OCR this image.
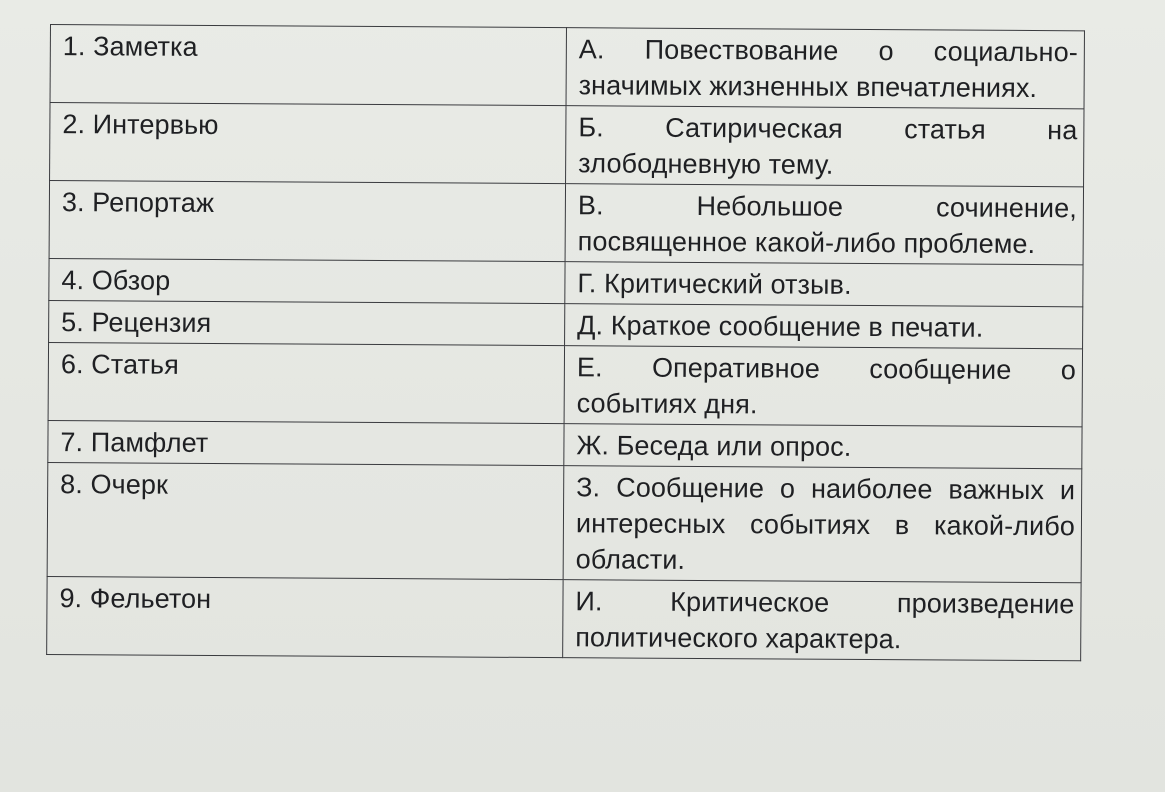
1. Заметка	А. Повествование о социально-значимых жизненных впечатлениях.
2. Интервью	Б. Сатирическая статья на злободневную тему.
3. Репортаж	В. Небольшое сочинение, посвященное какой-либо проблеме.
4. Обзор	Г. Критический отзыв.
5. Рецензия	Д. Краткое сообщение в печати.
6. Статья	Е. Оперативное сообщение о событиях дня.
7. Памфлет	Ж. Беседа или опрос.
8. Очерк	З. Сообщение о наиболее важных и интересных событиях в какой-либо области.
9. Фельетон	И. Критическое произведение политического характера.
